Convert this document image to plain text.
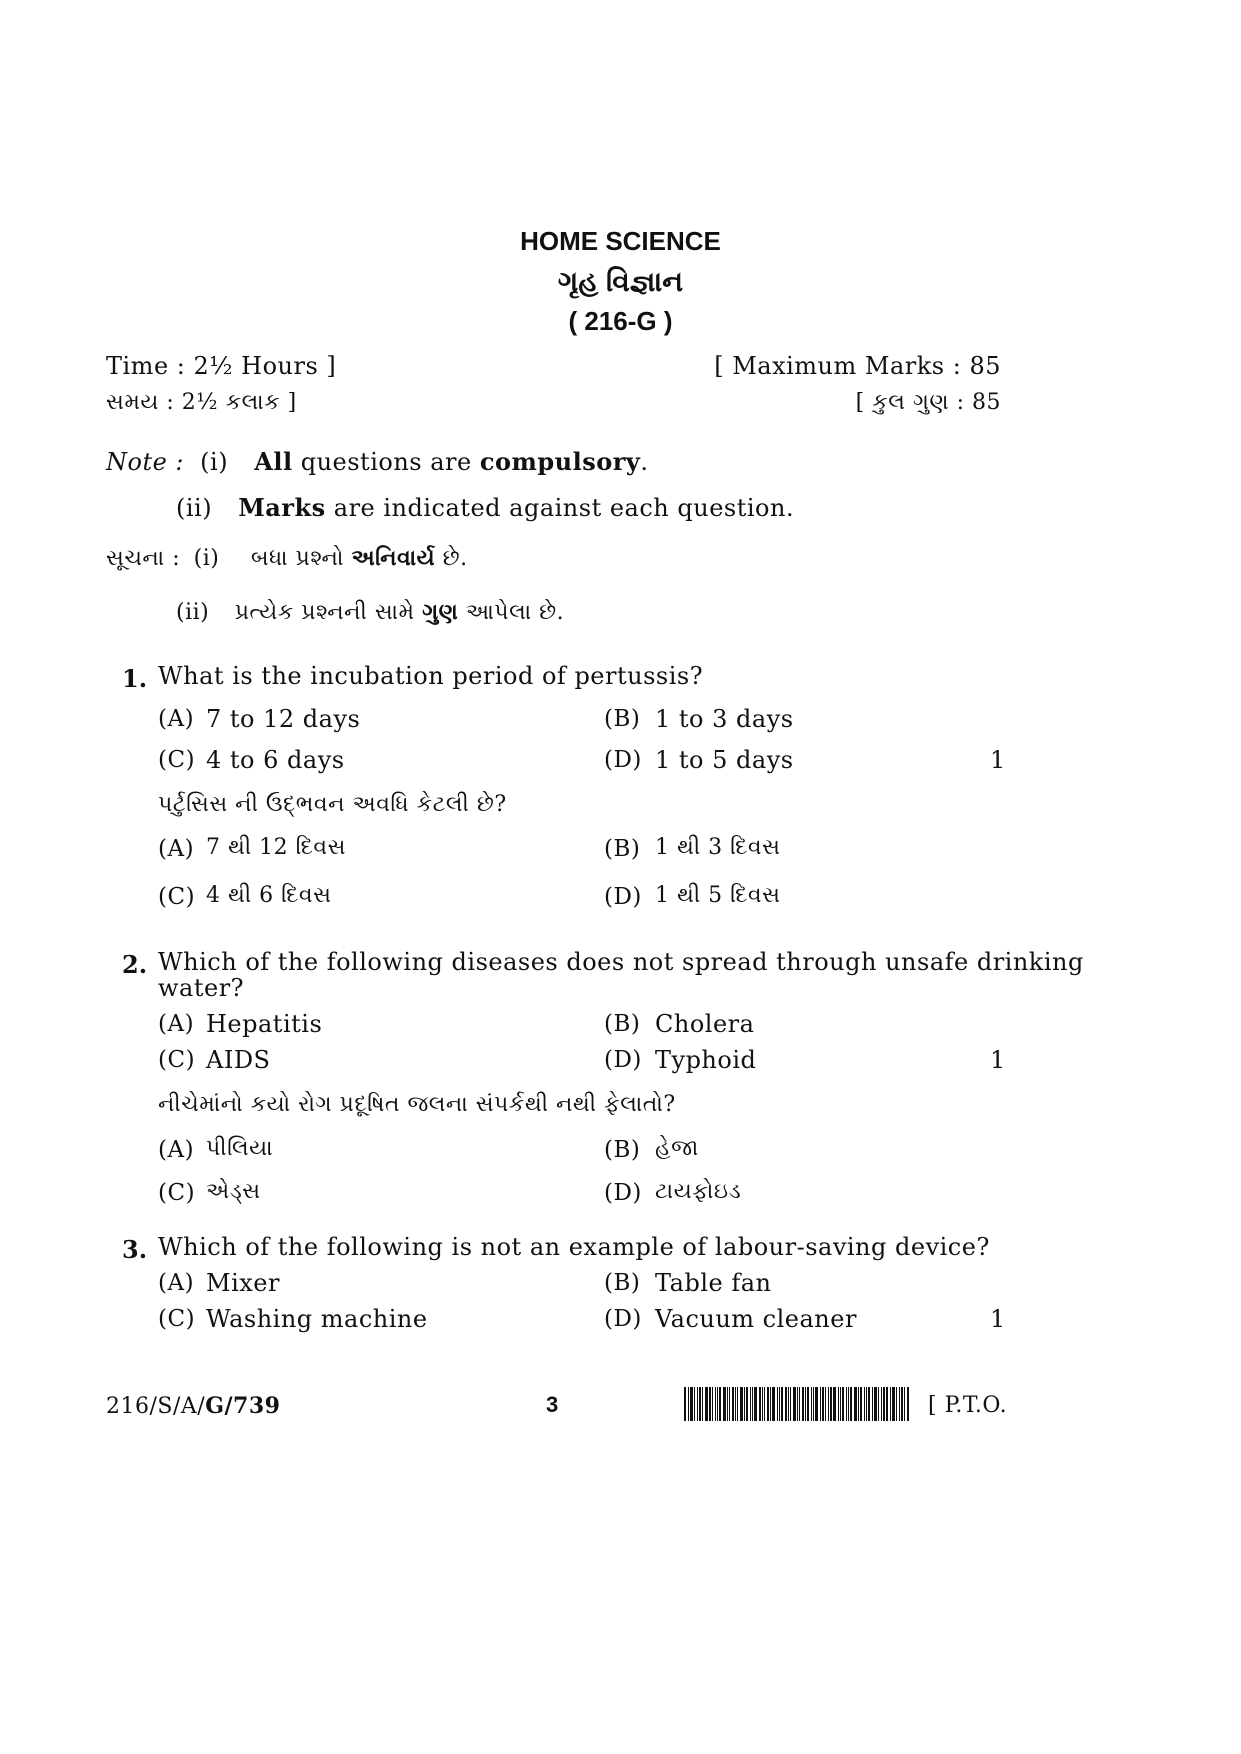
HOME SCIENCE
ગૃહ વિજ્ઞાન
( 216-G )
Time : 2½ Hours ]	[ Maximum Marks : 85
સમય : 2½ કલાક ]	[ કુલ ગુણ : 85
Note : (i) All questions are compulsory.
(ii) Marks are indicated against each question.
સૂચના : (i) બધા પ્રશ્નો અનિવાર્ય છે.
(ii) પ્રત્યેક પ્રશ્નની સામે ગુણ આપેલા છે.
1. What is the incubation period of pertussis?
(A) 7 to 12 days	(B) 1 to 3 days
(C) 4 to 6 days	(D) 1 to 5 days	1
પર્ટુસિસ ની ઉદ્ભવન અવધિ કેટલી છે?
(A) 7 થી 12 દિવસ	(B) 1 થી 3 દિવસ
(C) 4 થી 6 દિવસ	(D) 1 થી 5 દિવસ
2. Which of the following diseases does not spread through unsafe drinking
water?
(A) Hepatitis	(B) Cholera
(C) AIDS	(D) Typhoid	1
નીચેમાંનો કયો રોગ પ્રદૂષિત જલના સંપર્કથી નથી ફેલાતો?
(A) પીલિયા	(B) હેજા
(C) એડ્સ	(D) ટાયફોઇડ
3. Which of the following is not an example of labour-saving device?
(A) Mixer	(B) Table fan
(C) Washing machine	(D) Vacuum cleaner	1
216/S/A/G/739	3	[ P.T.O.
